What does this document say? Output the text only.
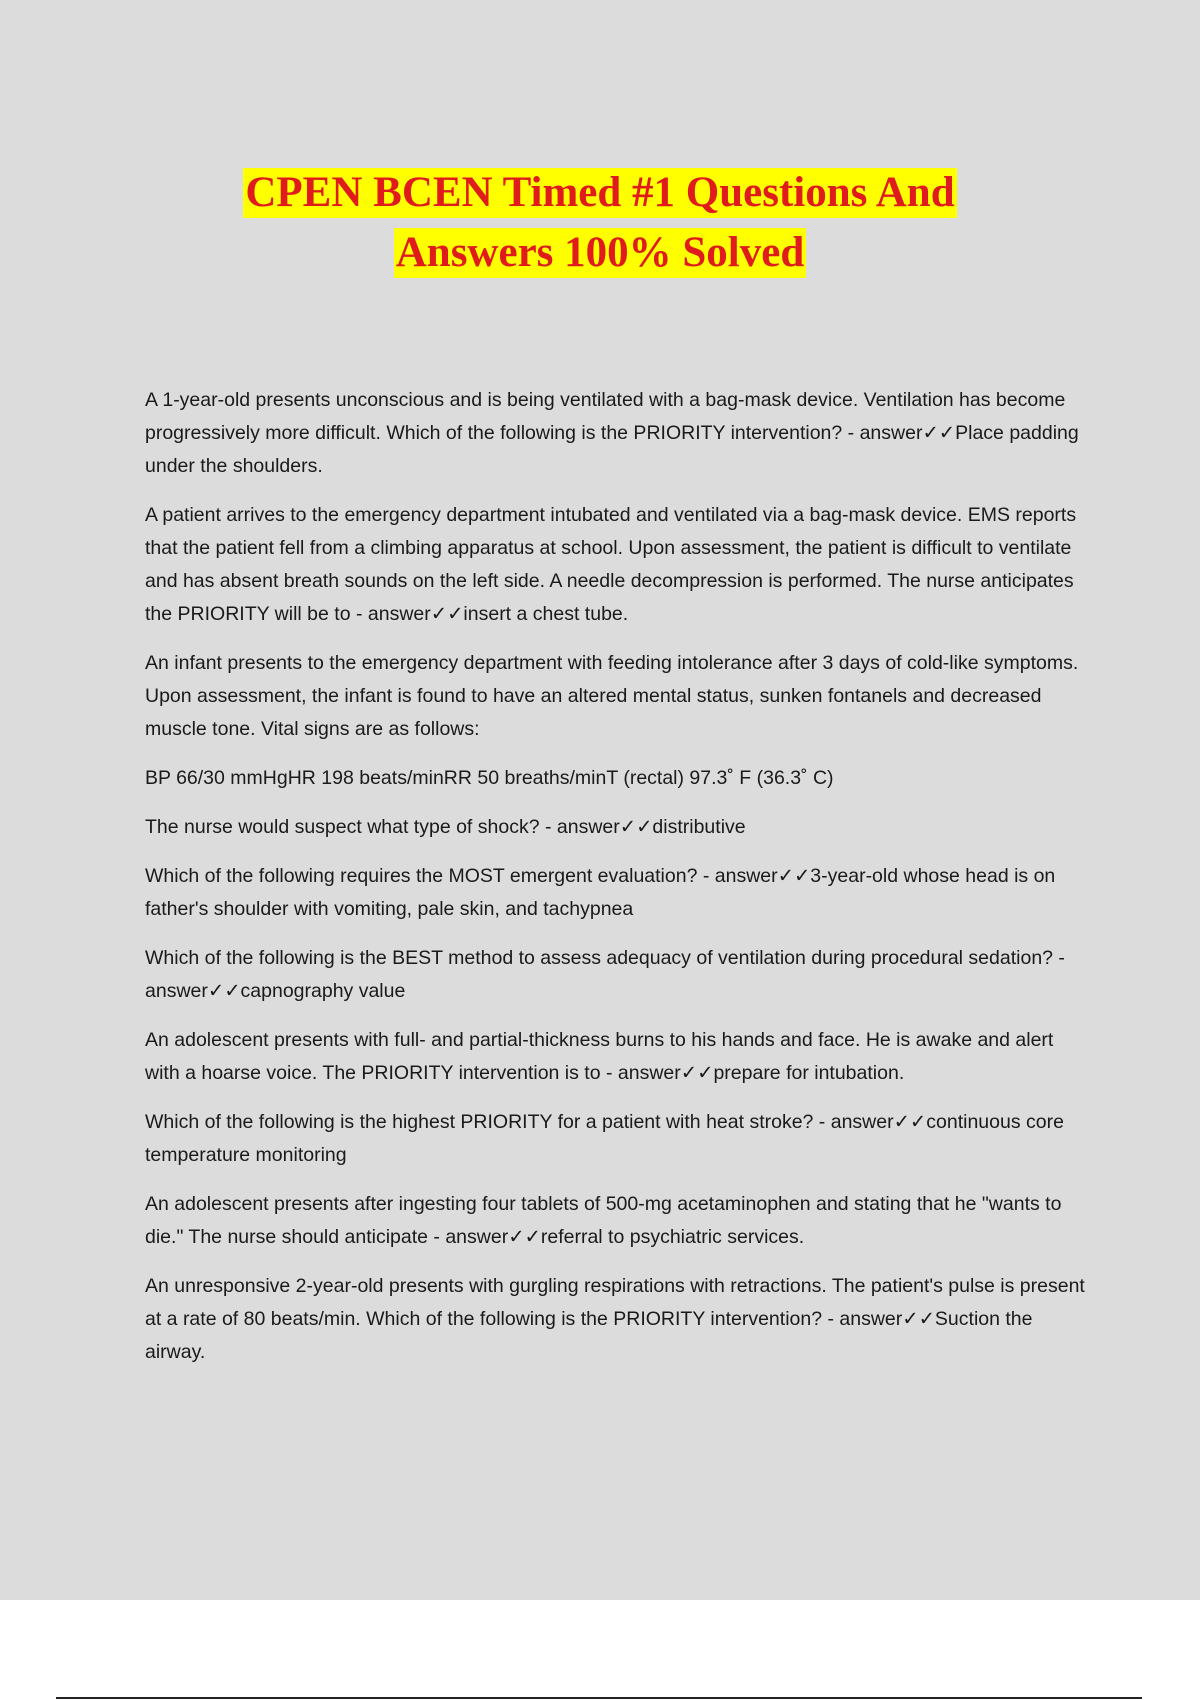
CPEN BCEN Timed #1 Questions And
Answers 100% Solved

A 1-year-old presents unconscious and is being ventilated with a bag-mask device. Ventilation has become progressively more difficult. Which of the following is the PRIORITY intervention? - answer✓✓Place padding under the shoulders.

A patient arrives to the emergency department intubated and ventilated via a bag-mask device. EMS reports that the patient fell from a climbing apparatus at school. Upon assessment, the patient is difficult to ventilate and has absent breath sounds on the left side. A needle decompression is performed. The nurse anticipates the PRIORITY will be to - answer✓✓insert a chest tube.

An infant presents to the emergency department with feeding intolerance after 3 days of cold-like symptoms. Upon assessment, the infant is found to have an altered mental status, sunken fontanels and decreased muscle tone. Vital signs are as follows:

BP 66/30 mmHgHR 198 beats/minRR 50 breaths/minT (rectal) 97.3˚ F (36.3˚ C)

The nurse would suspect what type of shock? - answer✓✓distributive

Which of the following requires the MOST emergent evaluation? - answer✓✓3-year-old whose head is on father's shoulder with vomiting, pale skin, and tachypnea

Which of the following is the BEST method to assess adequacy of ventilation during procedural sedation? - answer✓✓capnography value

An adolescent presents with full- and partial-thickness burns to his hands and face. He is awake and alert with a hoarse voice. The PRIORITY intervention is to - answer✓✓prepare for intubation.

Which of the following is the highest PRIORITY for a patient with heat stroke? - answer✓✓continuous core temperature monitoring

An adolescent presents after ingesting four tablets of 500-mg acetaminophen and stating that he "wants to die." The nurse should anticipate - answer✓✓referral to psychiatric services.

An unresponsive 2-year-old presents with gurgling respirations with retractions. The patient's pulse is present at a rate of 80 beats/min. Which of the following is the PRIORITY intervention? - answer✓✓Suction the airway.
